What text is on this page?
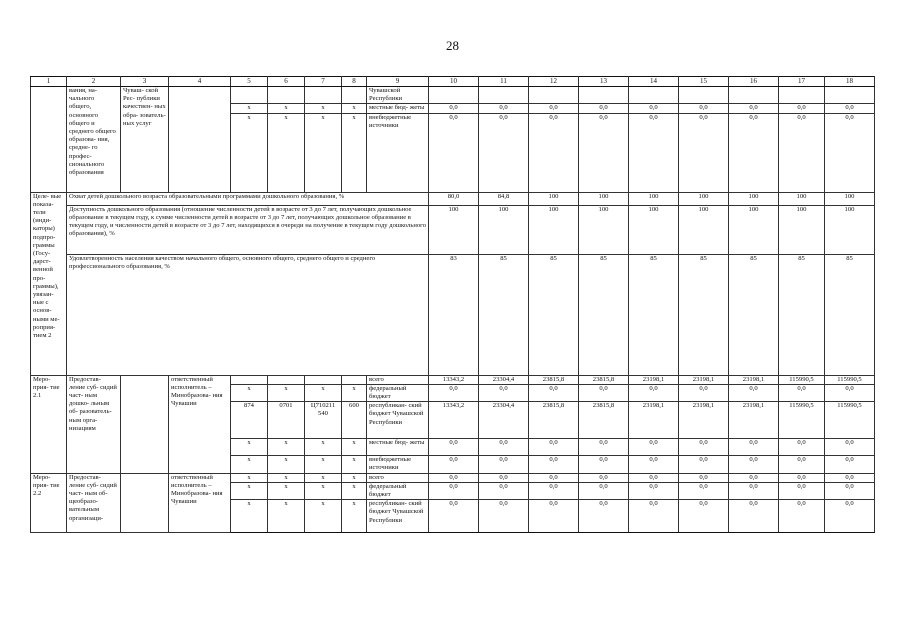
28
1	2	3	4	5	6	7	8	9	10	11	12	13	14	15	16	17	18
	вания, на- чального общего, основного общего и среднего общего образова- ния, средне- го профес- сионального образования	Чуваш- ской Рес- публики качествен- ных обра- зователь- ных услуг						Чувашской Республики									
				x	x	x	x	местные бюд- жеты	0,0	0,0	0,0	0,0	0,0	0,0	0,0	0,0	0,0
				x	x	x	x	внебюджетные источники	0,0	0,0	0,0	0,0	0,0	0,0	0,0	0,0	0,0
Целе- вые показа- тели (инди- каторы) подпро- граммы (Госу- дарст- венной про- граммы), увязан- ные с основ- ными ме- роприя- тием 2	Охват детей дошкольного возраста образовательными программами дошкольного образования, %								80,0	84,8	100	100	100	100	100	100	100
	Доступность дошкольного образования (отношение численности детей в возрасте от 3 до 7 лет, получающих дошкольное образование в текущем году, к сумме численности детей в возрасте от 3 до 7 лет, получающих дошкольное образование в текущем году, и численности детей в возрасте от 3 до 7 лет, находящихся в очереди на получение в текущем году дошкольного образования), %								100	100	100	100	100	100	100	100	100
	Удовлетворенность населения качеством начального общего, основного общего, среднего общего и среднего профессионального образования, %								83	85	85	85	85	85	85	85	85
Меро- прия- тие 2.1	Предостав- ление суб- сидий част- ным дошко- льным об- разователь- ным орга- низациям		ответственный исполнитель – Минобразова- ния Чувашии					всего	13343,2	23304,4	23815,8	23815,8	23198,1	23198,1	23198,1	115990,5	115990,5
				x	x	x	x	федеральный бюджет	0,0	0,0	0,0	0,0	0,0	0,0	0,0	0,0	0,0
				874	0701	Ц710211 540	600	республикан- ский бюджет Чувашской Республики	13343,2	23304,4	23815,8	23815,8	23198,1	23198,1	23198,1	115990,5	115990,5
				x	x	x	x	местные бюд- жеты	0,0	0,0	0,0	0,0	0,0	0,0	0,0	0,0	0,0
				x	x	x	x	внебюджетные источники	0,0	0,0	0,0	0,0	0,0	0,0	0,0	0,0	0,0
Меро- прия- тие 2.2	Предостав- ление суб- сидий част- ным об- щеобразо- вательным организаци-		ответственный исполнитель – Минобразова- ния Чувашии	x	x	x	x	всего	0,0	0,0	0,0	0,0	0,0	0,0	0,0	0,0	0,0
				x	x	x	x	федеральный бюджет	0,0	0,0	0,0	0,0	0,0	0,0	0,0	0,0	0,0
				x	x	x	x	республикан- ский бюджет Чувашской Республики	0,0	0,0	0,0	0,0	0,0	0,0	0,0	0,0	0,0
